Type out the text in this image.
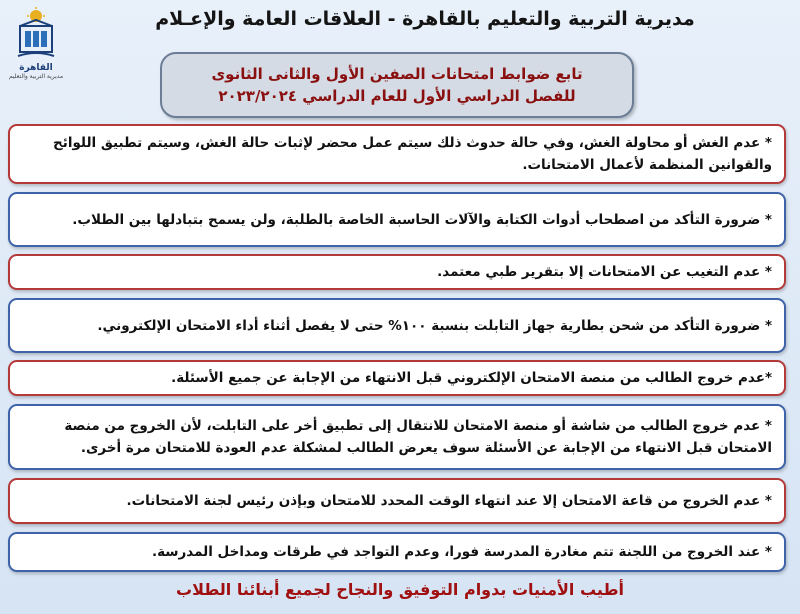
القاهرة
مديرية التربية والتعليم
مديرية التربية والتعليم بالقاهرة - العلاقات العامة والإعـلام
تابع ضوابط امتحانات الصفين الأول والثانى الثانوى
للفصل الدراسي الأول للعام الدراسي ٢٠٢٣/٢٠٢٤
* عدم الغش أو محاولة الغش، وفي حالة حدوث ذلك سيتم عمل محضر لإثبات حالة الغش، وسيتم تطبيق اللوائح والقوانين المنظمة لأعمال الامتحانات.
* ضرورة التأكد من اصطحاب أدوات الكتابة والآلات الحاسبة الخاصة بالطلبة، ولن يسمح بتبادلها بين الطلاب.
* عدم التغيب عن الامتحانات إلا بتقرير طبي معتمد.
* ضرورة التأكد من شحن بطارية جهاز التابلت بنسبة ١٠٠% حتى لا يفصل أثناء أداء الامتحان الإلكتروني.
*عدم خروج الطالب من منصة الامتحان الإلكتروني قبل الانتهاء من الإجابة عن جميع الأسئلة.
* عدم خروج الطالب من شاشة أو منصة الامتحان للانتقال إلى تطبيق أخر على التابلت، لأن الخروج من منصة الامتحان قبل الانتهاء من الإجابة عن الأسئلة سوف يعرض الطالب لمشكلة عدم العودة للامتحان مرة أخرى.
* عدم الخروج من قاعة الامتحان إلا عند انتهاء الوقت المحدد للامتحان وبإذن رئيس لجنة الامتحانات.
* عند الخروج من اللجنة تتم مغادرة المدرسة فورا، وعدم التواجد في طرقات ومداخل المدرسة.
أطيب الأمنيات بدوام التوفيق والنجاح لجميع أبنائنا الطلاب
